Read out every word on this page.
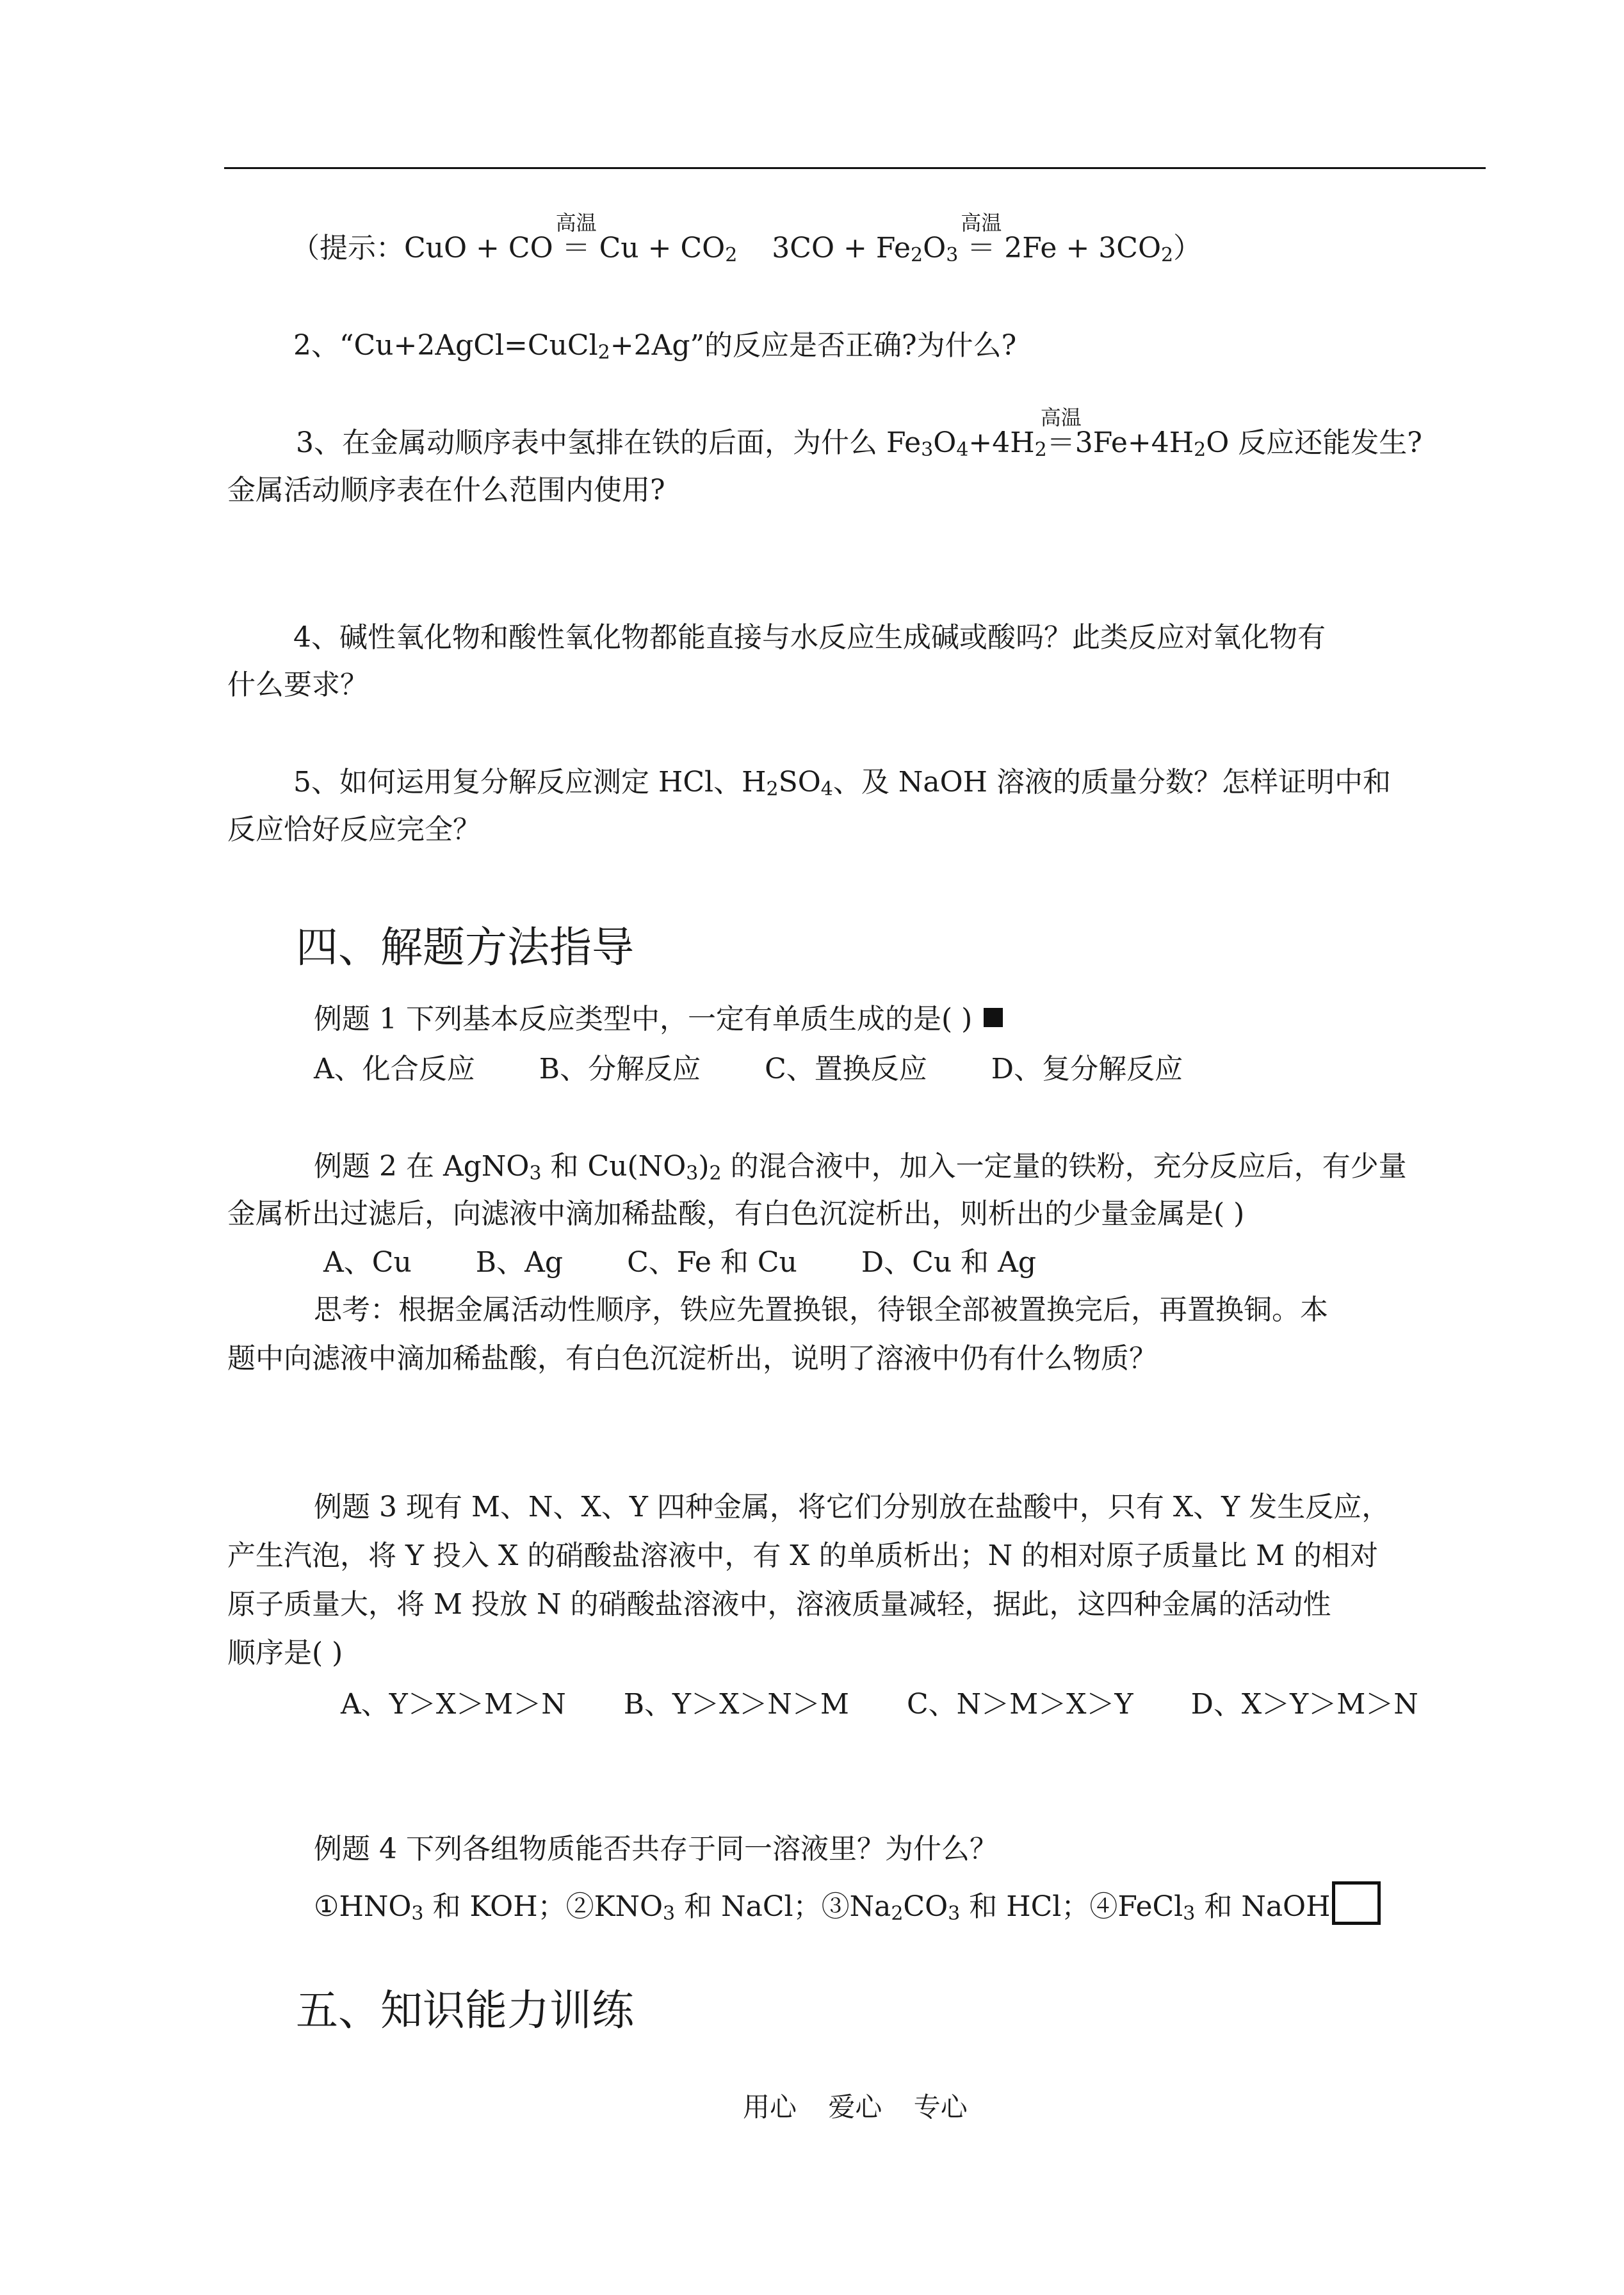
（提示：CuO + CO
高温
＝ $Cu + CO_2$ $3CO + Fe_2O_3$
高温
＝ $2Fe + 3CO_2$）
2、“Cu+2AgCl=CuCl$_2$+2Ag”的反应是否正确?为什么?
3、在金属动顺序表中氢排在铁的后面，为什么 $Fe_3O_4+4H_2$
高温
$=3Fe+4H_2O$ 反应还能发生?
金属活动顺序表在什么范围内使用?
4、碱性氧化物和酸性氧化物都能直接与水反应生成碱或酸吗？此类反应对氧化物有
什么要求？
5、如何运用复分解反应测定 HCl、$H_2SO_4$、及 NaOH 溶液的质量分数？怎样证明中和
反应恰好反应完全？
四、解题方法指导
例题 1 下列基本反应类型中，一定有单质生成的是( )
A、化合反应 B、分解反应 C、置换反应 D、复分解反应
例题 2 在 AgNO$_3$ 和 $Cu(NO_3)_2$ 的混合液中，加入一定量的铁粉，充分反应后，有少量
金属析出过滤后，向滤液中滴加稀盐酸，有白色沉淀析出，则析出的少量金属是( )
A、Cu B、Ag C、Fe 和 Cu D、Cu 和 Ag
思考：根据金属活动性顺序，铁应先置换银，待银全部被置换完后，再置换铜。本
题中向滤液中滴加稀盐酸，有白色沉淀析出，说明了溶液中仍有什么物质？
例题 3 现有 M、N、X、Y 四种金属，将它们分别放在盐酸中，只有 X、Y 发生反应，
产生汽泡，将 Y 投入 X 的硝酸盐溶液中，有 X 的单质析出；N 的相对原子质量比 M 的相对
原子质量大，将 M 投放 N 的硝酸盐溶液中，溶液质量减轻，据此，这四种金属的活动性
顺序是( )
A、Y＞X＞M＞N B、Y＞X＞N＞M C、N＞M＞X＞Y D、X＞Y＞M＞N
例题 4 下列各组物质能否共存于同一溶液里？为什么？
$①HNO_3$ 和 KOH；$②KNO_3$ 和 NaCl；$③Na_2CO_3$ 和 HCl；④FeCl$_3$ 和 NaOH
五、知识能力训练
用心 爱心 专心
